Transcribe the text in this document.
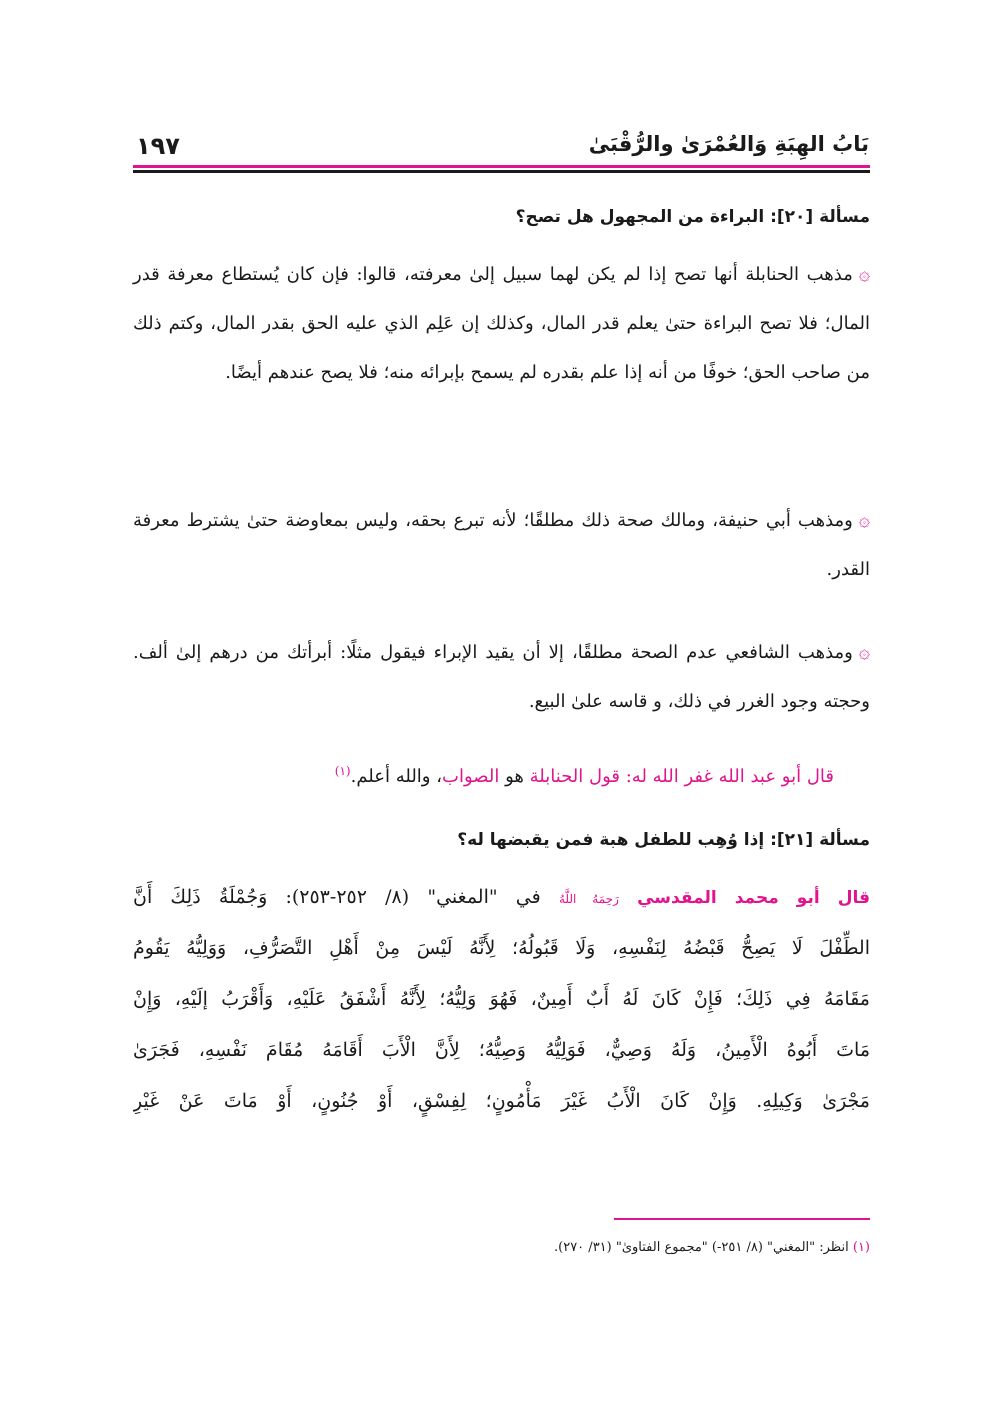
بَابُ الهِبَةِ وَالعُمْرَىٰ والرُّقْبَىٰ
١٩٧
مسألة [٢٠]: البراءة من المجهول هل تصح؟
۞مذهب الحنابلة أنها تصح إذا لم يكن لهما سبيل إلىٰ معرفته، قالوا: فإن كان يُستطاع معرفة قدر المال؛ فلا تصح البراءة حتىٰ يعلم قدر المال، وكذلك إن عَلِم الذي عليه الحق بقدر المال، وكتم ذلك من صاحب الحق؛ خوفًا من أنه إذا علم بقدره لم يسمح بإبرائه منه؛ فلا يصح عندهم أيضًا.
۞ومذهب أبي حنيفة، ومالك صحة ذلك مطلقًا؛ لأنه تبرع بحقه، وليس بمعاوضة حتىٰ يشترط معرفة القدر.
۞ومذهب الشافعي عدم الصحة مطلقًا، إلا أن يقيد الإبراء فيقول مثلًا: أبرأتك من درهم إلىٰ ألف. وحجته وجود الغرر في ذلك، و قاسه علىٰ البيع.
قال أبو عبد الله غفر الله له: قول الحنابلة هو الصواب، والله أعلم.$^{(١)}$
مسألة [٢١]: إذا وُهِب للطفل هبة فمن يقبضها له؟
قال أبو محمد المقدسي رَحِمَهُ اللَّهُ في "المغني" (٨/ ٢٥٢-٢٥٣): وَجُمْلَةُ ذَلِكَ أَنَّ
الطِّفْلَ لَا يَصِحُّ قَبْضُهُ لِنَفْسِهِ، وَلَا قَبُولُهُ؛ لِأَنَّهُ لَيْسَ مِنْ أَهْلِ التَّصَرُّفِ، وَوَلِيُّهُ يَقُومُ
مَقَامَهُ فِي ذَلِكَ؛ فَإِنْ كَانَ لَهُ أَبٌ أَمِينٌ، فَهُوَ وَلِيُّهُ؛ لِأَنَّهُ أَشْفَقُ عَلَيْهِ، وَأَقْرَبُ إلَيْهِ، وَإِنْ
مَاتَ أَبُوهُ الْأَمِينُ، وَلَهُ وَصِيٌّ، فَوَلِيُّهُ وَصِيُّهُ؛ لِأَنَّ الْأَبَ أَقَامَهُ مُقَامَ نَفْسِهِ، فَجَرَىٰ
مَجْرَىٰ وَكِيلِهِ. وَإِنْ كَانَ الْأَبُ غَيْرَ مَأْمُونٍ؛ لِفِسْقٍ، أَوْ جُنُونٍ، أَوْ مَاتَ عَنْ غَيْرِ
(١) انظر: "المغني" (٨/ ٢٥١-) "مجموع الفتاوىٰ" (٣١/ ٢٧٠).
